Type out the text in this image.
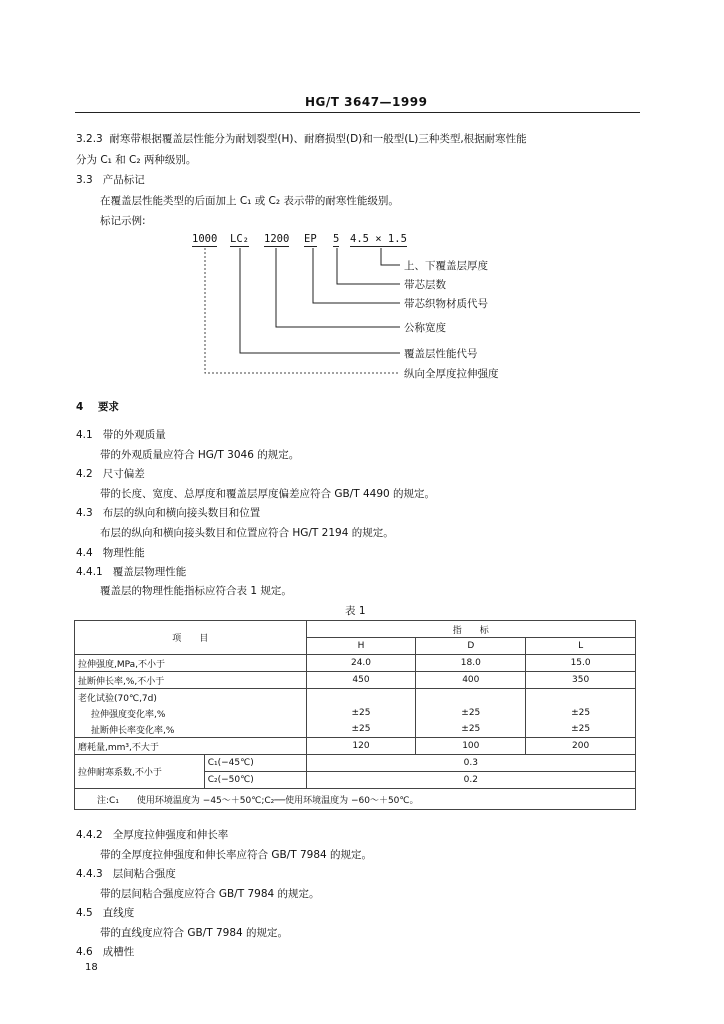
HG/T 3647—1999
3.2.3 耐寒带根据覆盖层性能分为耐划裂型(H)、耐磨损型(D)和一般型(L)三种类型,根据耐寒性能
分为 C₁ 和 C₂ 两种级别。
3.3 产品标记
在覆盖层性能类型的后面加上 C₁ 或 C₂ 表示带的耐寒性能级别。
标记示例:
1000 LC₂ 1200 EP 5 4.5 × 1.5
上、下覆盖层厚度
带芯层数
带芯织物材质代号
公称宽度
覆盖层性能代号
纵向全厚度拉伸强度
4 要求
4.1 带的外观质量
带的外观质量应符合 HG/T 3046 的规定。
4.2 尺寸偏差
带的长度、宽度、总厚度和覆盖层厚度偏差应符合 GB/T 4490 的规定。
4.3 布层的纵向和横向接头数目和位置
布层的纵向和横向接头数目和位置应符合 HG/T 2194 的规定。
4.4 物理性能
4.4.1 覆盖层物理性能
覆盖层的物理性能指标应符合表 1 规定。
表 1
项　　目		指　　标		
		H	D	L
拉伸强度,MPa,不小于		24.0	18.0	15.0
扯断伸长率,%,不小于		450	400	350
老化试验(70℃,7d)				
拉伸强度变化率,%		±25	±25	±25
扯断伸长率变化率,%		±25	±25	±25
磨耗量,mm³,不大于		120	100	200
拉伸耐寒系数,不小于	C₁(−45℃)	0.3		
	C₂(−50℃)	0.2		
注:C₁　　使用环境温度为 −45～＋50℃;C₂──使用环境温度为 −60～＋50℃。				
4.4.2 全厚度拉伸强度和伸长率
带的全厚度拉伸强度和伸长率应符合 GB/T 7984 的规定。
4.4.3 层间粘合强度
带的层间粘合强度应符合 GB/T 7984 的规定。
4.5 直线度
带的直线度应符合 GB/T 7984 的规定。
4.6 成槽性
18
